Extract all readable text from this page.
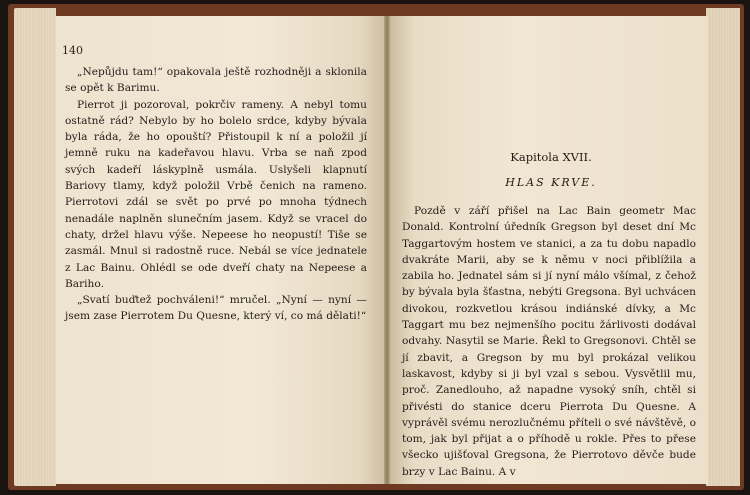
140

„Nepůjdu tam!“ opakovala ještě rozhodněji a sklonila se opět k Barimu.

Pierrot ji pozoroval, pokrčiv rameny. A nebyl tomu ostatně rád? Nebylo by ho bolelo srdce, kdyby bývala byla ráda, že ho opouští? Přistoupil k ní a položil jí jemně ruku na kadeřavou hlavu. Vrba se naň zpod svých kadeří láskyplně usmála. Uslyšeli klapnutí Bariovy tlamy, když položil Vrbě čenich na rameno. Pierrotovi zdál se svět po prvé po mnoha týdnech nenadále naplněn slunečním jasem. Když se vracel do chaty, držel hlavu výše. Nepeese ho neopustí! Tiše se zasmál. Mnul si radostně ruce. Nebál se více jednatele z Lac Bainu. Ohlédl se ode dveří chaty na Nepeese a Bariho.

„Svatí buďtež pochváleni!“ mručel. „Nyní — nyní — jsem zase Pierrotem Du Quesne, který ví, co má dělati!“

Kapitola XVII.
HLAS KRVE.

Pozdě v září přišel na Lac Bain geometr Mac Donald. Kontrolní úředník Gregson byl deset dní Mc Taggartovým hostem ve stanici, a za tu dobu napadlo dvakráte Marii, aby se k němu v noci přiblížila a zabila ho. Jednatel sám si jí nyní málo všímal, z čehož by bývala byla šťastna, nebýti Gregsona. Byl uchvácen divokou, rozkvetlou krásou indiánské dívky, a Mc Taggart mu bez nejmenšího pocitu žárlivosti dodával odvahy. Nasytil se Marie. Řekl to Gregsonovi. Chtěl se jí zbavit, a Gregson by mu byl prokázal velikou laskavost, kdyby si ji byl vzal s sebou. Vysvětlil mu, proč. Zanedlouho, až napadne vysoký sníh, chtěl si přivésti do stanice dceru Pierrota Du Quesne. A vyprávěl svému nerozlučnému příteli o své návštěvě, o tom, jak byl přijat a o příhodě u rokle. Přes to přese všecko ujišťoval Gregsona, že Pierrotovo děvče bude brzy v Lac Bainu. A v
